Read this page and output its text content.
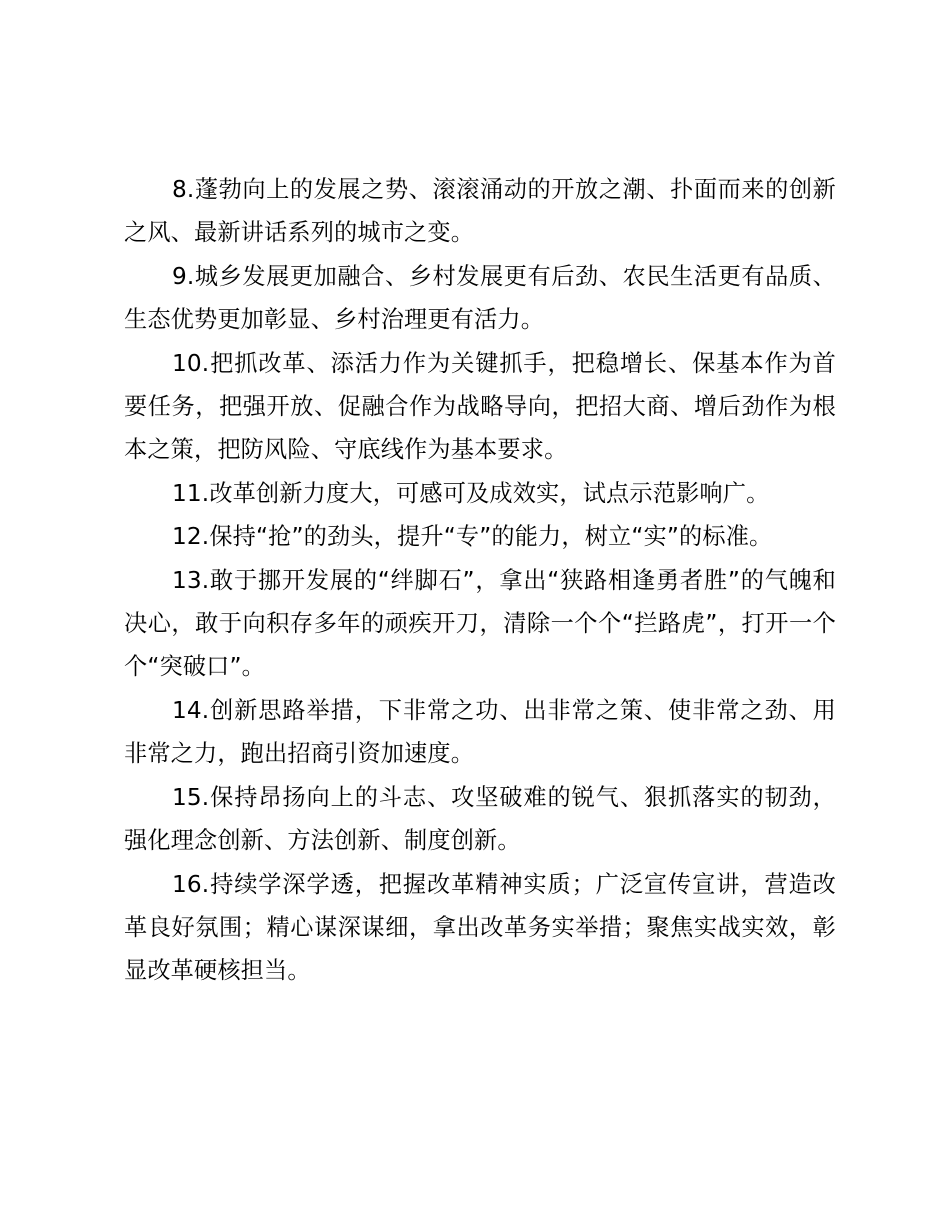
8.蓬勃向上的发展之势、滚滚涌动的开放之潮、扑面而来的创新之风、最新讲话系列的城市之变。

9.城乡发展更加融合、乡村发展更有后劲、农民生活更有品质、生态优势更加彰显、乡村治理更有活力。

10.把抓改革、添活力作为关键抓手，把稳增长、保基本作为首要任务，把强开放、促融合作为战略导向，把招大商、增后劲作为根本之策，把防风险、守底线作为基本要求。

11.改革创新力度大，可感可及成效实，试点示范影响广。

12.保持“抢”的劲头，提升“专”的能力，树立“实”的标准。

13.敢于挪开发展的“绊脚石”，拿出“狭路相逢勇者胜”的气魄和决心，敢于向积存多年的顽疾开刀，清除一个个“拦路虎”，打开一个个“突破口”。

14.创新思路举措，下非常之功、出非常之策、使非常之劲、用非常之力，跑出招商引资加速度。

15.保持昂扬向上的斗志、攻坚破难的锐气、狠抓落实的韧劲，强化理念创新、方法创新、制度创新。

16.持续学深学透，把握改革精神实质；广泛宣传宣讲，营造改革良好氛围；精心谋深谋细，拿出改革务实举措；聚焦实战实效，彰显改革硬核担当。
